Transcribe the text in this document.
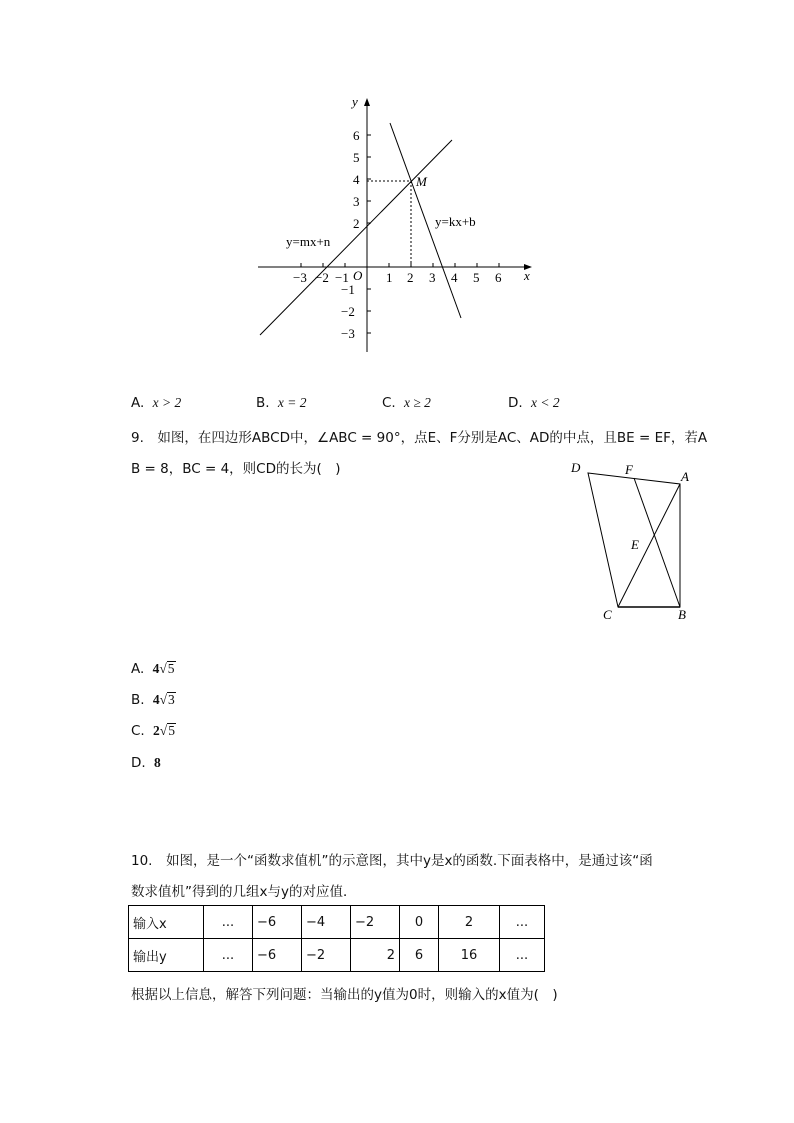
y
x
O
−3 −2 −1	1 2 3 4 5 6
6
5
4
3
2
−1
−2
−3
M
y=mx+n
y=kx+b
A. x > 2	B. x = 2	C. x ≥ 2	D. x < 2
9.　如图，在四边形ABCD中，∠ABC = 90°，点E、F分别是AC、AD的中点，且BE = EF，若A
B = 8，BC = 4，则CD的长为(　)	D	F	A
E
C	B
A. 4√5
B. 4√3
C. 2√5
D. 8
10.　如图，是一个“函数求值机”的示意图，其中y是x的函数.下面表格中，是通过该“函
数求值机”得到的几组x与y的对应值．
输入x	...	−6	−4	−2	0	2	...
输出y	...	−6	−2	2	6	16	...
根据以上信息，解答下列问题：当输出的y值为0时，则输入的x值为(　)
